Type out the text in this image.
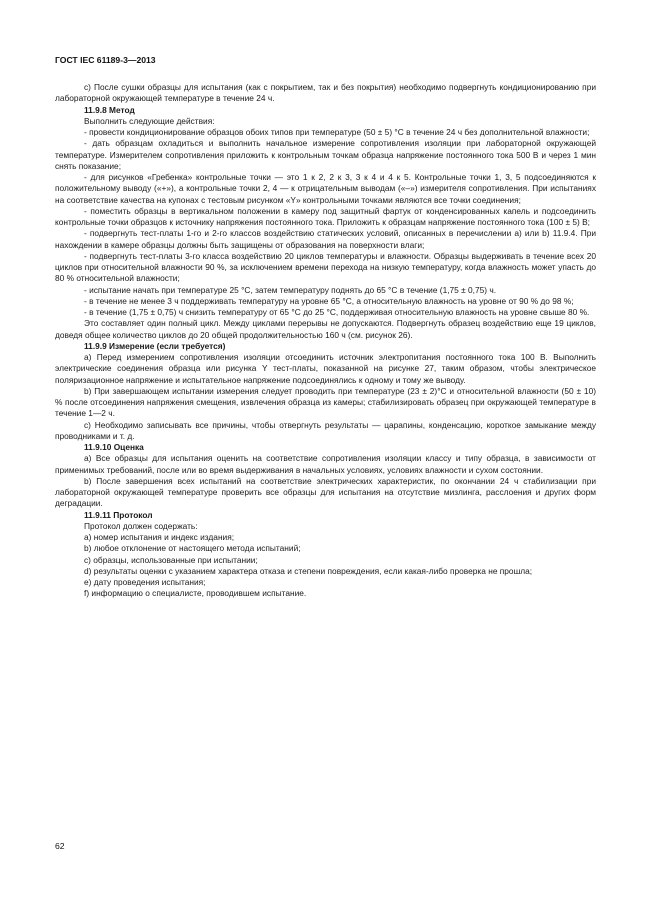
ГОСТ IEC 61189-3—2013

с) После сушки образцы для испытания (как с покрытием, так и без покрытия) необходимо подвергнуть кондиционированию при лабораторной окружающей температуре в течение 24 ч.

11.9.8 Метод

Выполнить следующие действия:

- провести кондиционирование образцов обоих типов при температуре (50 ± 5) °С в течение 24 ч без дополнительной влажности;

- дать образцам охладиться и выполнить начальное измерение сопротивления изоляции при лабораторной окружающей температуре. Измерителем сопротивления приложить к контрольным точкам образца напряжение постоянного тока 500 В и через 1 мин снять показание;

- для рисунков «Гребенка» контрольные точки — это 1 к 2, 2 к 3, 3 к 4 и 4 к 5. Контрольные точки 1, 3, 5 подсоединяются к положительному выводу («+»), а контрольные точки 2, 4 — к отрицательным выводам («–») измерителя сопротивления. При испытаниях на соответствие качества на купонах с тестовым рисунком «Y» контрольными точками являются все точки соединения;

- поместить образцы в вертикальном положении в камеру под защитный фартук от конденсированных капель и подсоединить контрольные точки образцов к источнику напряжения постоянного тока. Приложить к образцам напряжение постоянного тока (100 ± 5) В;

- подвергнуть тест-платы 1-го и 2-го классов воздействию статических условий, описанных в перечислении а) или b) 11.9.4. При нахождении в камере образцы должны быть защищены от образования на поверхности влаги;

- подвергнуть тест-платы 3-го класса воздействию 20 циклов температуры и влажности. Образцы выдерживать в течение всех 20 циклов при относительной влажности 90 %, за исключением времени перехода на низкую температуру, когда влажность может упасть до 80 % относительной влажности;

- испытание начать при температуре 25 °С, затем температуру поднять до 65 °С в течение (1,75 ± 0,75) ч.

- в течение не менее 3 ч поддерживать температуру на уровне 65 °С, а относительную влажность на уровне от 90 % до 98 %;

- в течение (1,75 ± 0,75) ч снизить температуру от 65 °С до 25 °С, поддерживая относительную влажность на уровне свыше 80 %.

Это составляет один полный цикл. Между циклами перерывы не допускаются. Подвергнуть образец воздействию еще 19 циклов, доведя общее количество циклов до 20 общей продолжительностью 160 ч (см. рисунок 26).

11.9.9 Измерение (если требуется)

а) Перед измерением сопротивления изоляции отсоединить источник электропитания постоянного тока 100 В. Выполнить электрические соединения образца или рисунка Y тест-платы, показанной на рисунке 27, таким образом, чтобы электрическое поляризационное напряжение и испытательное напряжение подсоединялись к одному и тому же выводу.

b) При завершающем испытании измерения следует проводить при температуре (23 ± 2)°С и относительной влажности (50 ± 10) % после отсоединения напряжения смещения, извлечения образца из камеры; стабилизировать образец при окружающей температуре в течение 1—2 ч.

с) Необходимо записывать все причины, чтобы отвергнуть результаты — царапины, конденсацию, короткое замыкание между проводниками и т. д.

11.9.10 Оценка

а) Все образцы для испытания оценить на соответствие сопротивления изоляции классу и типу образца, в зависимости от применимых требований, после или во время выдерживания в начальных условиях, условиях влажности и сухом состоянии.

b) После завершения всех испытаний на соответствие электрических характеристик, по окончании 24 ч стабилизации при лабораторной окружающей температуре проверить все образцы для испытания на отсутствие мизлинга, расслоения и других форм деградации.

11.9.11 Протокол

Протокол должен содержать:

а) номер испытания и индекс издания;

b) любое отклонение от настоящего метода испытаний;

с) образцы, использованные при испытании;

d) результаты оценки с указанием характера отказа и степени повреждения, если какая-либо проверка не прошла;

е) дату проведения испытания;

f) информацию о специалисте, проводившем испытание.

62
